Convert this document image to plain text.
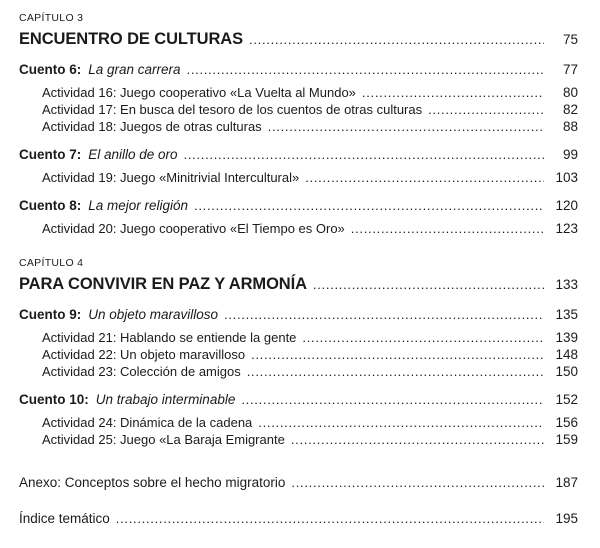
CAPÍTULO 3
ENCUENTRO DE CULTURAS .....	75
Cuento 6: La gran carrera .....	77
Actividad 16: Juego cooperativo «La Vuelta al Mundo» .....	80
Actividad 17: En busca del tesoro de los cuentos de otras culturas .....	82
Actividad 18: Juegos de otras culturas .....	88
Cuento 7: El anillo de oro .....	99
Actividad 19: Juego «Minitrivial Intercultural» .....	103
Cuento 8: La mejor religión .....	120
Actividad 20: Juego cooperativo «El Tiempo es Oro» .....	123
CAPÍTULO 4
PARA CONVIVIR EN PAZ Y ARMONÍA .....	133
Cuento 9: Un objeto maravilloso .....	135
Actividad 21: Hablando se entiende la gente .....	139
Actividad 22: Un objeto maravilloso .....	148
Actividad 23: Colección de amigos .....	150
Cuento 10: Un trabajo interminable .....	152
Actividad 24: Dinámica de la cadena .....	156
Actividad 25: Juego «La Baraja Emigrante .....	159
Anexo: Conceptos sobre el hecho migratorio .....	187
Índice temático .....	195
